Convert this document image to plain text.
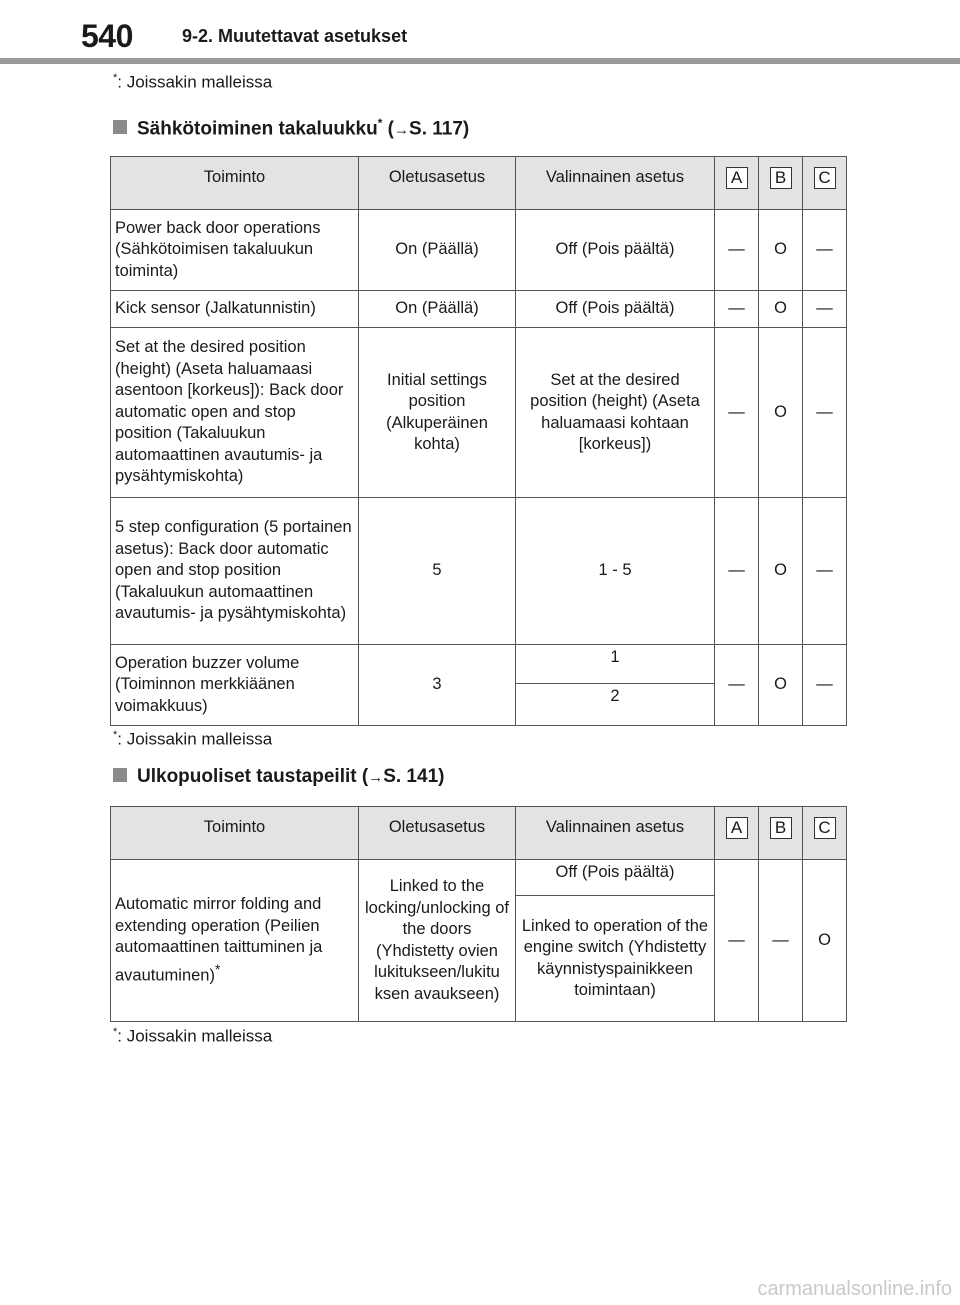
540	9-2. Muutettavat asetukset
*: Joissakin malleissa
Sähkötoiminen takaluukku* (→S. 117)
Toiminto	Oletusasetus	Valinnainen asetus	A	B	C
Power back door operations (Sähkötoimisen takaluukun toiminta)	On (Päällä)	Off (Pois päältä)	—	O	—
Kick sensor (Jalkatunnistin)	On (Päällä)	Off (Pois päältä)	—	O	—
Set at the desired position (height) (Aseta haluamaasi asentoon [korkeus]): Back door automatic open and stop position (Takaluukun automaattinen avautumis- ja pysähtymiskohta)	Initial settings position (Alkuperäinen kohta)	Set at the desired position (height) (Aseta haluamaasi kohtaan [korkeus])	—	O	—
5 step configuration (5 portainen asetus): Back door automatic open and stop position (Takaluukun automaattinen avautumis- ja pysähtymiskohta)	5	1 - 5	—	O	—
Operation buzzer volume (Toiminnon merkkiäänen voimakkuus)	3	1	—	O	—
		2			
*: Joissakin malleissa
Ulkopuoliset taustapeilit (→S. 141)
Toiminto	Oletusasetus	Valinnainen asetus	A	B	C
Automatic mirror folding and extending operation (Peilien automaattinen taittuminen ja avautuminen)*	Linked to the locking/unlocking of the doors (Yhdistetty ovien lukitukseen/lukitu ksen avaukseen)	Off (Pois päältä)	—	—	O
		Linked to operation of the engine switch (Yhdistetty käynnistyspainikkeen toimintaan)			
*: Joissakin malleissa
carmanualsonline.info
